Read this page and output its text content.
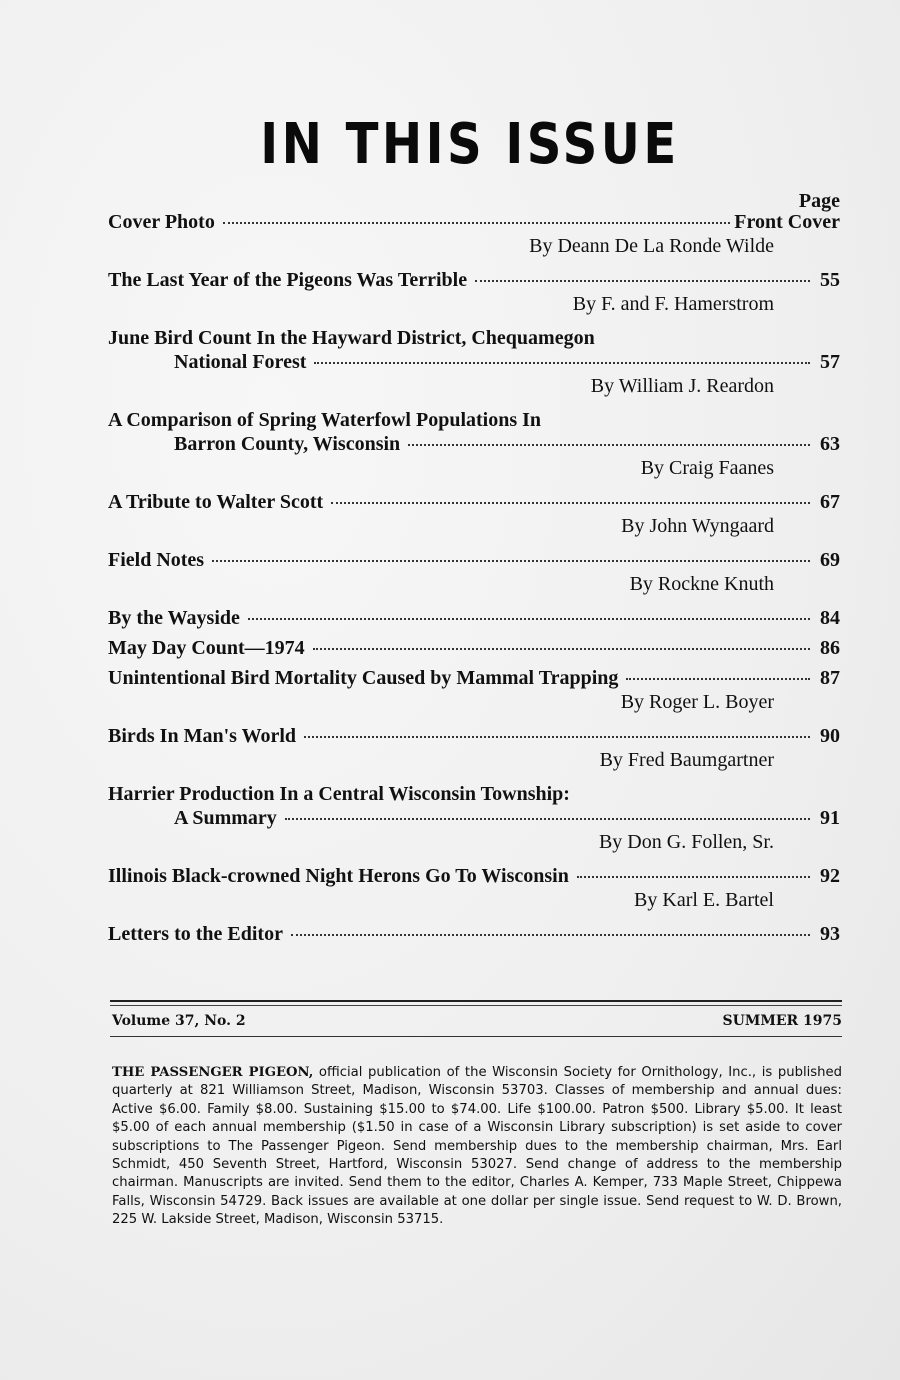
IN THIS ISSUE
Page
Cover Photo	Front Cover
By Deann De La Ronde Wilde
The Last Year of the Pigeons Was Terrible	55
By F. and F. Hamerstrom
June Bird Count In the Hayward District, Chequamegon
National Forest	57
By William J. Reardon
A Comparison of Spring Waterfowl Populations In
Barron County, Wisconsin	63
By Craig Faanes
A Tribute to Walter Scott	67
By John Wyngaard
Field Notes	69
By Rockne Knuth
By the Wayside	84
May Day Count—1974	86
Unintentional Bird Mortality Caused by Mammal Trapping	87
By Roger L. Boyer
Birds In Man's World	90
By Fred Baumgartner
Harrier Production In a Central Wisconsin Township:
A Summary	91
By Don G. Follen, Sr.
Illinois Black-crowned Night Herons Go To Wisconsin	92
By Karl E. Bartel
Letters to the Editor	93
Volume 37, No. 2	SUMMER 1975
THE PASSENGER PIGEON, official publication of the Wisconsin Society for Ornithology, Inc., is published quarterly at 821 Williamson Street, Madison, Wisconsin 53703. Classes of membership and annual dues: Active $6.00. Family $8.00. Sustaining $15.00 to $74.00. Life $100.00. Patron $500. Library $5.00. It least $5.00 of each annual membership ($1.50 in case of a Wisconsin Library subscription) is set aside to cover subscriptions to The Passenger Pigeon. Send membership dues to the membership chairman, Mrs. Earl Schmidt, 450 Seventh Street, Hartford, Wisconsin 53027. Send change of address to the membership chairman. Manuscripts are invited. Send them to the editor, Charles A. Kemper, 733 Maple Street, Chippewa Falls, Wisconsin 54729. Back issues are available at one dollar per single issue. Send request to W. D. Brown, 225 W. Lakside Street, Madison, Wisconsin 53715.
